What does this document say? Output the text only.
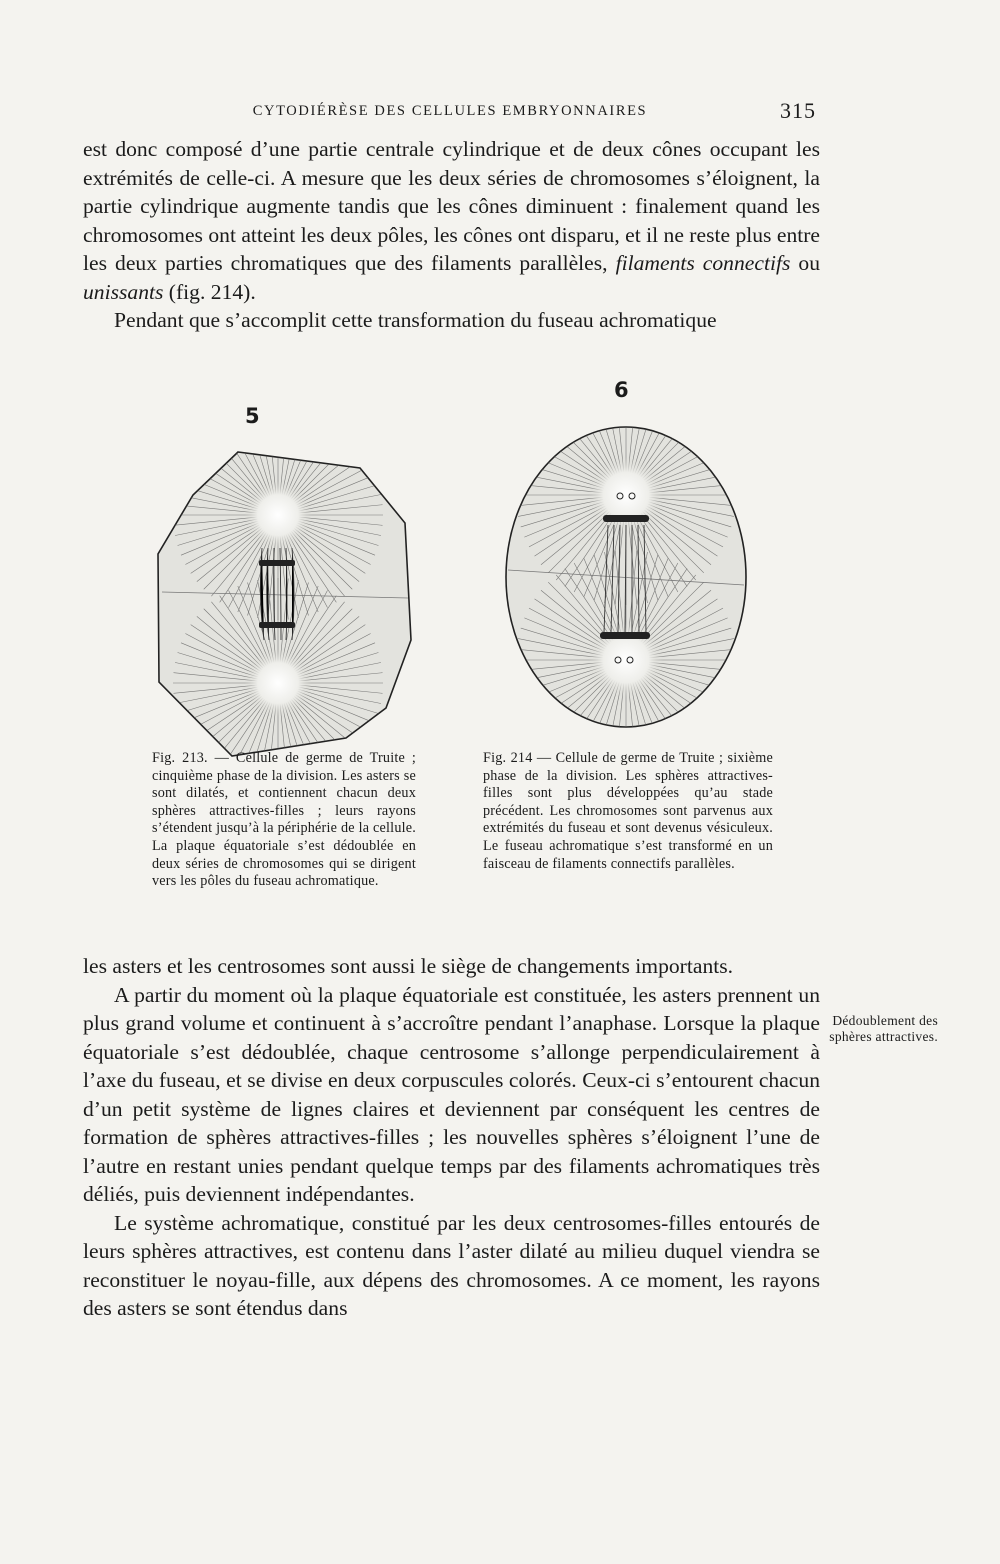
CYTODIÉRÈSE DES CELLULES EMBRYONNAIRES	315

est donc composé d’une partie centrale cylindrique et de deux cônes occupant les extrémités de celle-ci. A mesure que les deux séries de chromosomes s’éloignent, la partie cylindrique augmente tandis que les cônes diminuent : finalement quand les chromosomes ont atteint les deux pôles, les cônes ont disparu, et il ne reste plus entre les deux parties chromatiques que des filaments parallèles, filaments connectifs ou unissants (fig. 214).

Pendant que s’accomplit cette transformation du fuseau achromatique

5
6

Fig. 213. — Cellule de germe de Truite ; cinquième phase de la division. Les asters se sont dilatés, et contiennent chacun deux sphères attractives-filles ; leurs rayons s’étendent jusqu’à la périphérie de la cellule. La plaque équatoriale s’est dédoublée en deux séries de chromosomes qui se dirigent vers les pôles du fuseau achromatique.

Fig. 214 — Cellule de germe de Truite ; sixième phase de la division. Les sphères attractives-filles sont plus développées qu’au stade précédent. Les chromosomes sont parvenus aux extrémités du fuseau et sont devenus vésiculeux. Le fuseau achromatique s’est transformé en un faisceau de filaments connectifs parallèles.

les asters et les centrosomes sont aussi le siège de changements importants.

A partir du moment où la plaque équatoriale est constituée, les asters prennent un plus grand volume et continuent à s’accroître pendant l’anaphase. Lorsque la plaque équatoriale s’est dédoublée, chaque centrosome s’allonge perpendiculairement à l’axe du fuseau, et se divise en deux corpuscules colorés. Ceux-ci s’entourent chacun d’un petit système de lignes claires et deviennent par conséquent les centres de formation de sphères attractives-filles ; les nouvelles sphères s’éloignent l’une de l’autre en restant unies pendant quelque temps par des filaments achromatiques très déliés, puis deviennent indépendantes.

Le système achromatique, constitué par les deux centrosomes-filles entourés de leurs sphères attractives, est contenu dans l’aster dilaté au milieu duquel viendra se reconstituer le noyau-fille, aux dépens des chromosomes. A ce moment, les rayons des asters se sont étendus dans

Dédoublement des sphères attractives.
